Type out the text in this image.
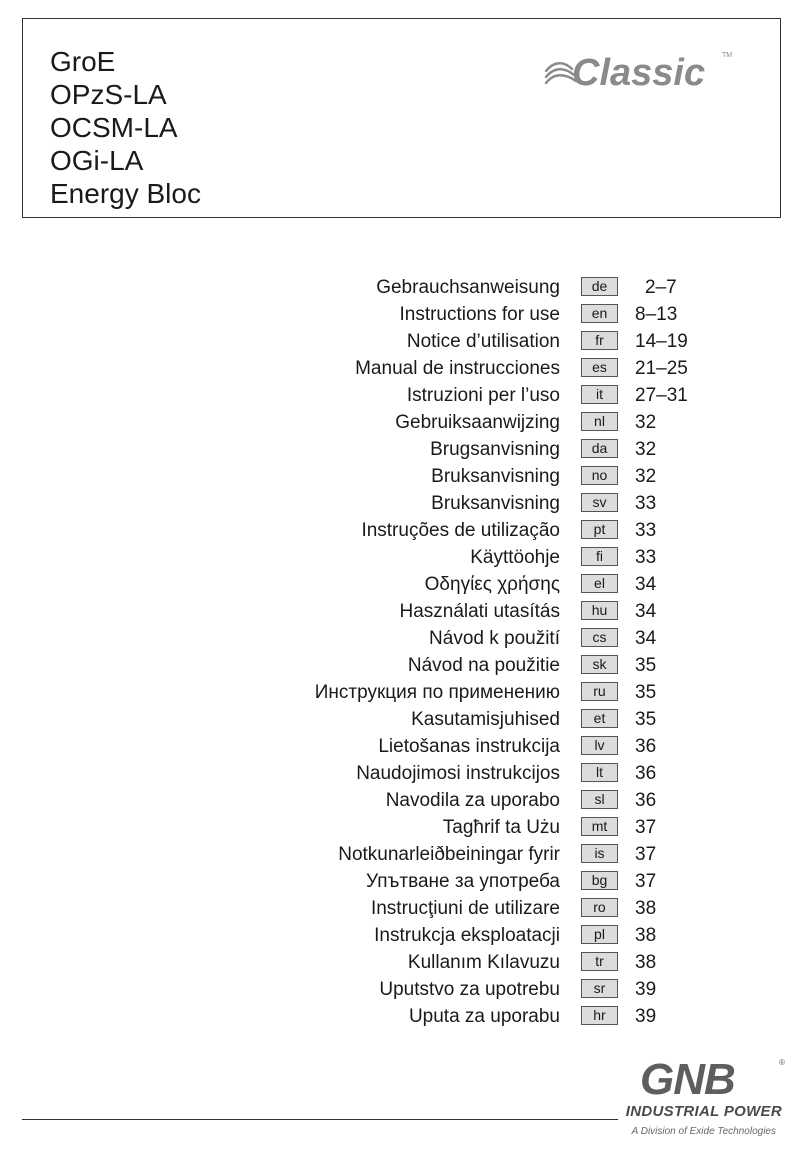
GroE
OPzS-LA
OCSM-LA
OGi-LA
Energy Bloc
Classic TM
Gebrauchsanweisung	de	2–7
Instructions for use	en	8–13
Notice d’utilisation	fr	14–19
Manual de instrucciones	es	21–25
Istruzioni per l’uso	it	27–31
Gebruiksaanwijzing	nl	32
Brugsanvisning	da	32
Bruksanvisning	no	32
Bruksanvisning	sv	33
Instruções de utilização	pt	33
Käyttöohje	fi	33
Οδηγίες χρήσης	el	34
Használati utasítás	hu	34
Návod k použití	cs	34
Návod na použitie	sk	35
Инструкция по применению	ru	35
Kasutamisjuhised	et	35
Lietošanas instrukcija	lv	36
Naudojimosi instrukcijos	lt	36
Navodila za uporabo	sl	36
Tagħrif ta Użu	mt	37
Notkunarleiðbeiningar fyrir	is	37
Упътване за употреба	bg	37
Instrucţiuni de utilizare	ro	38
Instrukcja eksploatacji	pl	38
Kullanım Kılavuzu	tr	38
Uputstvo za upotrebu	sr	39
Uputa za uporabu	hr	39
GNB	®
INDUSTRIAL POWER
A Division of Exide Technologies
